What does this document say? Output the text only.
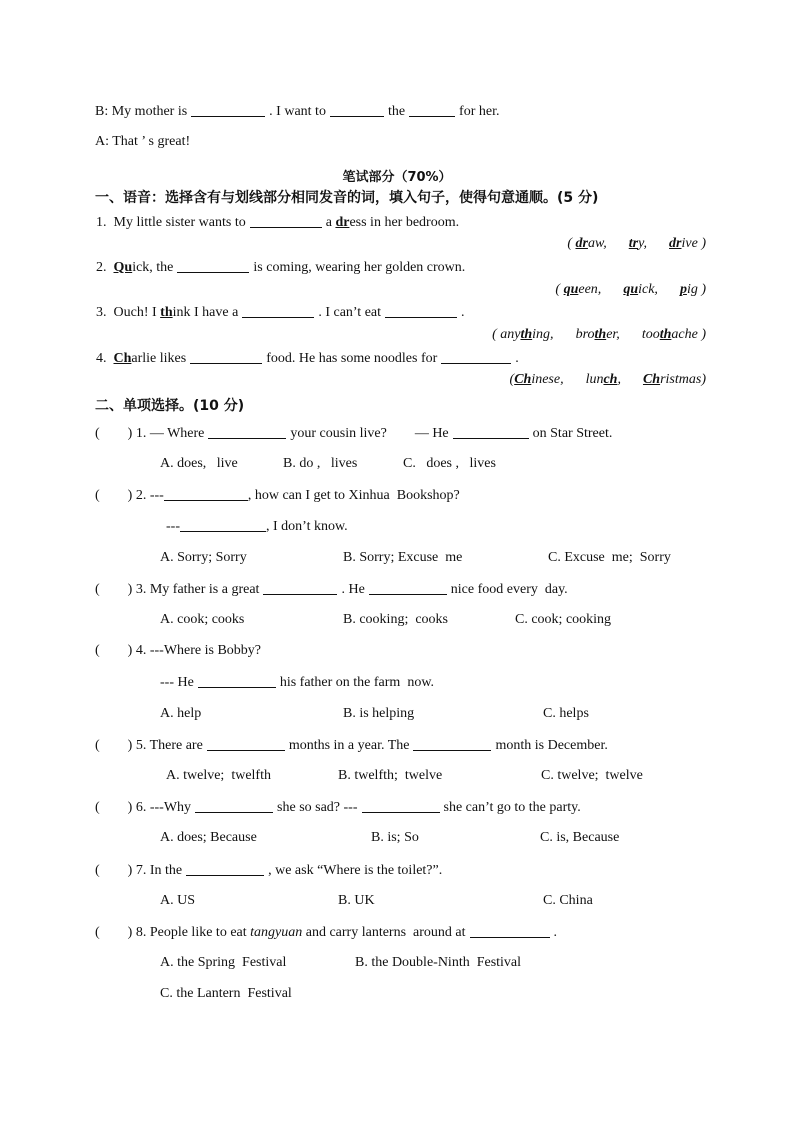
B: My mother is	. I want to	the	for her.
A: That ’ s great!
笔试部分（70%）
一、语音：选择含有与划线部分相同发音的词，填入句子，使得句意通顺。(5 分)
1. My little sister wants to	a dress in her bedroom.
( draw, try, drive )
2. Quick, the	is coming, wearing her golden crown.
( queen, quick, pig )
3. Ouch! I think I have a	. I can’t eat	.
( anything, brother, toothache )
4. Charlie likes	food. He has some noodles for	.
(Chinese, lunch, Christmas)
二、单项选择。(10 分)
(        ) 1. — Where	your cousin live? — He	on Star Street.
A. does,   live	B. do ,   lives	C.   does ,   lives
(        ) 2. ---	, how can I get to Xinhua  Bookshop?
---	, I don’t know.
A. Sorry; Sorry	B. Sorry; Excuse  me	C. Excuse  me;  Sorry
(        ) 3. My father is a great	. He	nice food every  day.
A. cook; cooks	B. cooking;  cooks	C. cook; cooking
(        ) 4. ---Where is Bobby?
--- He	his father on the farm  now.
A. help	B. is helping	C. helps
(        ) 5. There are	months in a year. The	month is December.
A. twelve;  twelfth	B. twelfth;  twelve	C. twelve;  twelve
(        ) 6. ---Why	she so sad? ---	she can’t go to the party.
A. does; Because	B. is; So	C. is, Because
(        ) 7. In the	, we ask “Where is the toilet?”.
A. US	B. UK	C. China
(        ) 8. People like to eat tangyuan and carry lanterns  around at	.
A. the Spring  Festival	B. the Double-Ninth  Festival
C. the Lantern  Festival
